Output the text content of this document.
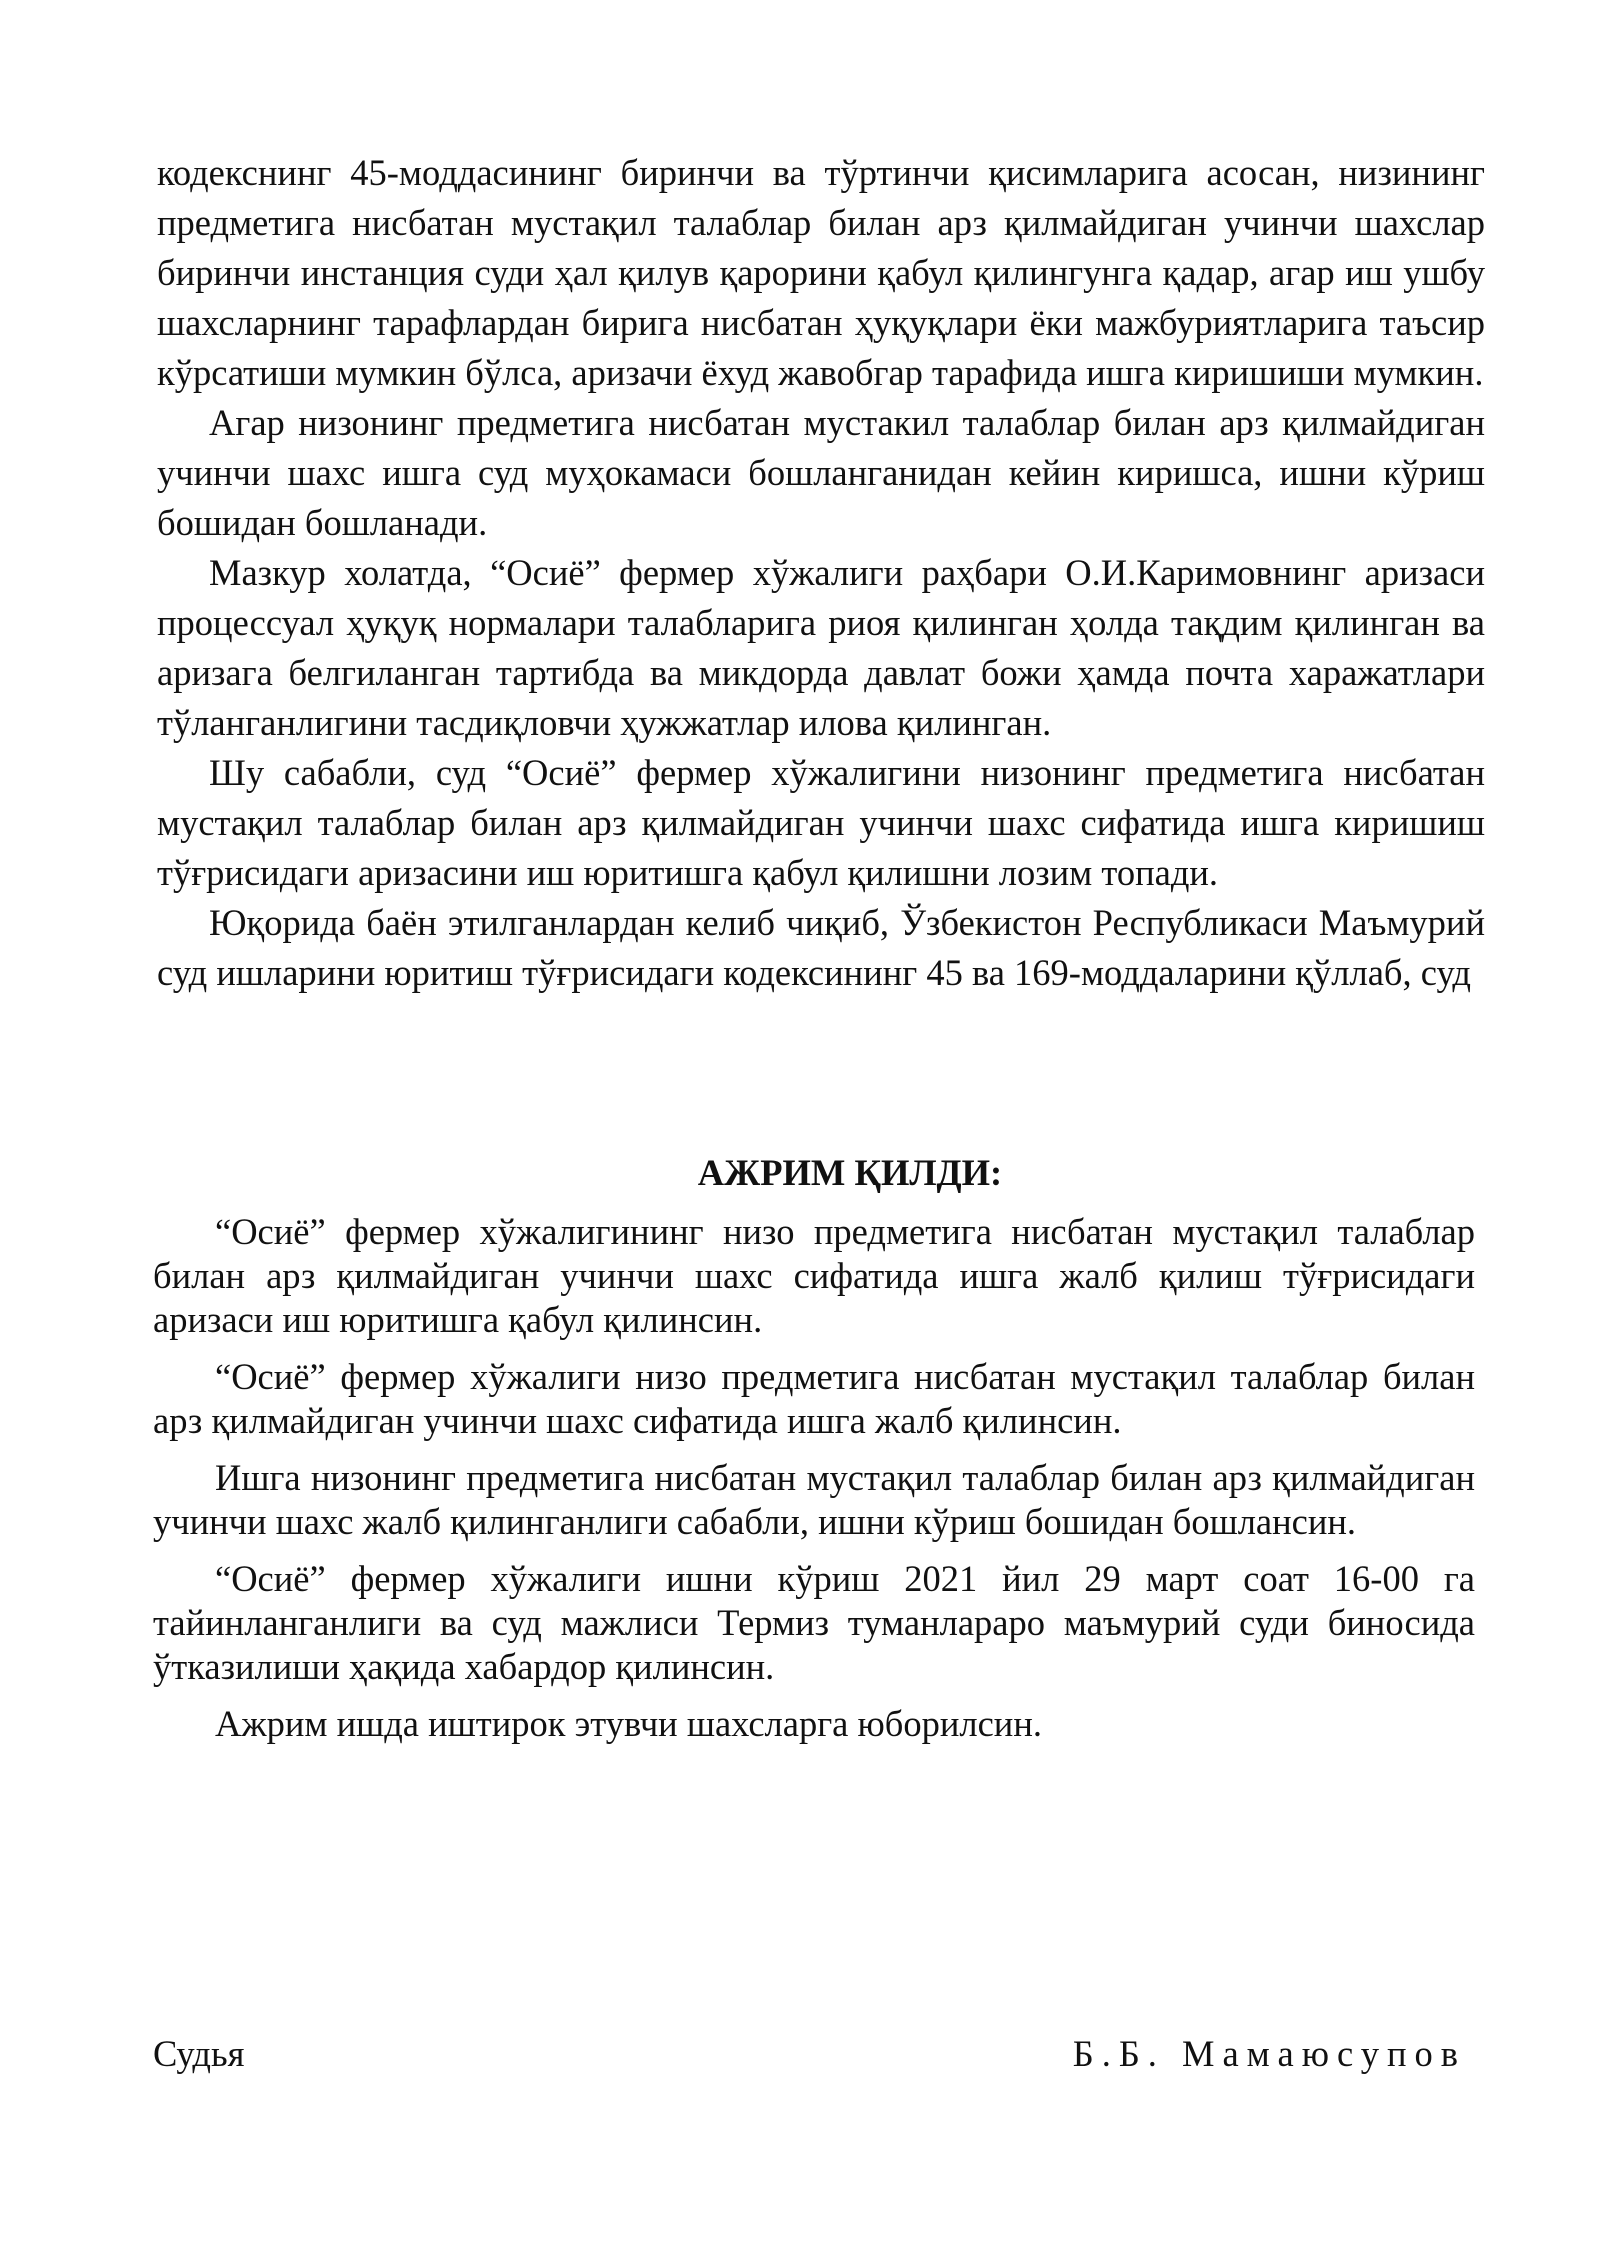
кодекснинг 45-моддасининг биринчи ва тўртинчи қисимларига асосан, низининг предметига нисбатан мустақил талаблар билан арз қилмайдиган учинчи шахслар биринчи инстанция суди ҳал қилув қарорини қабул қилингунга қадар, агар иш ушбу шахсларнинг тарафлардан бирига нисбатан ҳуқуқлари ёки мажбуриятларига таъсир кўрсатиши мумкин бўлса, аризачи ёхуд жавобгар тарафида ишга киришиши мумкин.

Агар низонинг предметига нисбатан мустакил талаблар билан арз қилмайдиган учинчи шахс ишга суд муҳокамаси бошланганидан кейин киришса, ишни кўриш бошидан бошланади.

Мазкур холатда, “Осиё” фермер хўжалиги раҳбари О.И.Каримовнинг аризаси процессуал ҳуқуқ нормалари талабларига риоя қилинган ҳолда тақдим қилинган ва аризага белгиланган тартибда ва микдорда давлат божи ҳамда почта харажатлари тўланганлигини тасдиқловчи ҳужжатлар илова қилинган.

Шу сабабли, суд “Осиё” фермер хўжалигини низонинг предметига нисбатан мустақил талаблар билан арз қилмайдиган учинчи шахс сифатида ишга киришиш тўғрисидаги аризасини иш юритишга қабул қилишни лозим топади.

Юқорида баён этилганлардан келиб чиқиб, Ўзбекистон Республикаси Маъмурий суд ишларини юритиш тўғрисидаги кодексининг 45 ва 169-моддаларини қўллаб, суд

АЖРИМ ҚИЛДИ:

“Осиё” фермер хўжалигининг низо предметига нисбатан мустақил талаблар билан арз қилмайдиган учинчи шахс сифатида ишга жалб қилиш тўғрисидаги аризаси иш юритишга қабул қилинсин.

“Осиё” фермер хўжалиги низо предметига нисбатан мустақил талаблар билан арз қилмайдиган учинчи шахс сифатида ишга жалб қилинсин.

Ишга низонинг предметига нисбатан мустақил талаблар билан арз қилмайдиган учинчи шахс жалб қилинганлиги сабабли, ишни кўриш бошидан бошлансин.

“Осиё” фермер хўжалиги ишни кўриш 2021 йил 29 март соат 16-00 га тайинланганлиги ва суд мажлиси Термиз туманлараро маъмурий суди биносида ўтказилиши ҳақида хабардор қилинсин.

Ажрим ишда иштирок этувчи шахсларга юборилсин.

Судья	Б.Б. Мамаюсупов
